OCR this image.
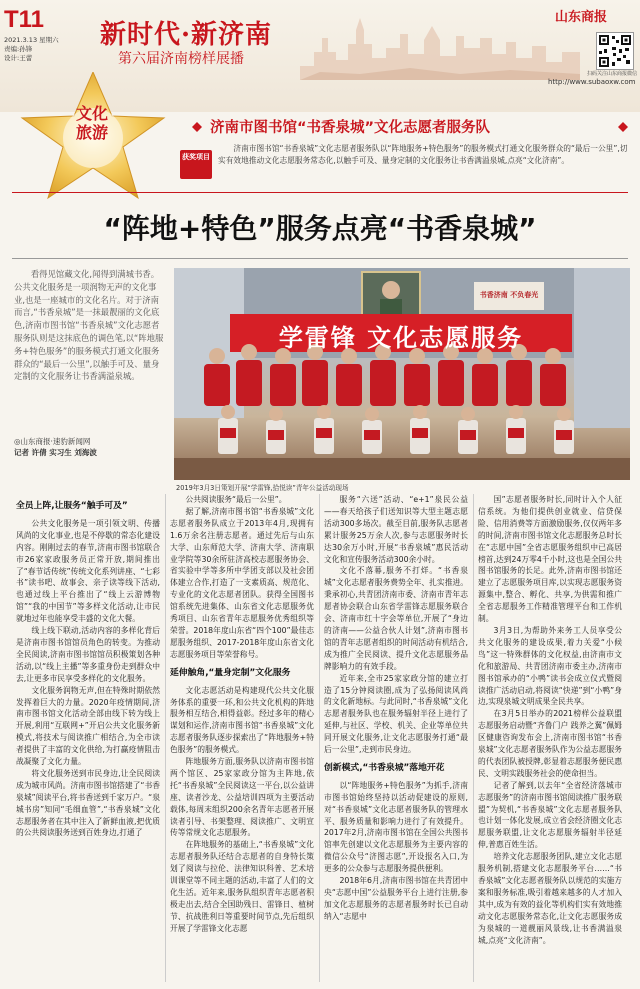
T11
2021.3.13 星期六
责编:孙锋
设计:王蕾
新时代·新济南
第六届济南榜样展播
山东商报
扫码关注山东商报微信
http://www.subaoxw.com
文化
旅游	济南市图书馆“书香泉城”文化志愿者服务队
获奖项目
济南市图书馆“书香泉城”文化志愿者服务队以“阵地服务+特色服务”的服务模式打通文化服务群众的“最后一公里”,切实有效地推动文化志愿服务常态化,以触手可及、量身定制的文化服务让书香满溢泉城,点亮“文化济南”。
“阵地+特色”服务点亮“书香泉城”
看得见馆藏文化,闻得到满城书香。公共文化服务是一项润物无声的文化事业,也是一座城市的文化名片。对于济南而言,“书香泉城”是一抹最靓丽的文化底色,济南市图书馆“书香泉城”文化志愿者服务队则是这抹底色的调色笔,以“阵地服务+特色服务”的服务模式打通文化服务群众的“最后一公里”,以触手可及、量身定制的文化服务让书香满溢泉城。
◎山东商报·速豹新闻网
记者 许倩 实习生 刘海波
学雷锋 文化志愿服务
书香济南 不负春光
2019年3月3日策划开展“学雷锋,拾悦读”青年公益活动现场
全员上阵,让服务“触手可及”

公共文化服务是一项引领文明、传播风尚的文化事业,也是不停歇的常态化建设内容。刚刚过去的春节,济南市图书馆联合市26家家政服务员正常开放,期间推出了“春节话传统”传统文化系列讲座、“七彩书”读书吧、故事会、亲子读等线下活动,也通过线上平台推出了“线上云游博物馆”“我的中国节”等多样文化活动,让市民就地过年也能享受丰盛的文化大餐。

线上线下联动,活动内容的多样化背后是济南市图书馆馆员角色的转变。为推动全民阅读,济南市图书馆馆员积极策划各种活动,以“线上主播”等多重身份走到群众中去,让更多市民享受多样化的文化服务。

文化服务润物无声,但在特殊时期依然发挥着巨大的力量。2020年疫情期间,济南市图书馆文化活动全部由线下转为线上开展,利用“互联网+”开启公共文化服务新模式,将技术与阅读推广相结合,为全市读者提供了丰富的文化供给,为打赢疫情阻击战凝聚了文化力量。

将文化服务送到市民身边,让全民阅读成为城市风尚。济南市图书馆搭建了“书香泉城”阅读平台,将书香送到千家万户。“泉城书房”知同“毛细血管”,“书香泉城”文化志愿服务者在其中注入了新鲜血液,把优质的公共阅读服务送到百姓身边,打通了

公共阅读服务“最后一公里”。

据了解,济南市图书馆“书香泉城”文化志愿者服务队成立于2013年4月,现拥有1.6万余名注册志愿者。通过先后与山东大学、山东师范大学、济南大学、济南职业学院等30余所驻济高校志愿服务协会、省实验中学等多所中学团支部以及社会团体建立合作,打造了一支素质高、规范化、专业化的文化志愿者团队。获得全国图书馆系统先进集体、山东省文化志愿服务优秀项目、山东省青年志愿服务优秀组织等荣誉。2018年度山东省“四个100”最佳志愿服务组织、2017-2018年度山东省文化志愿服务项目等荣誉称号。

延伸触角,“量身定制”文化服务

文化志愿活动是构建现代公共文化服务体系的重要一环,和公共文化机构的阵地服务相互结合,相得益彰。经过多年的精心谋划和运作,济南市图书馆“书香泉城”文化志愿者服务队逐步探索出了“阵地服务+特色服务”的服务模式。

阵地服务方面,服务队以济南市图书馆两个馆区、25家家政分馆为主阵地,依托“书香泉城”全民阅读这一平台,以公益讲座、读者沙龙、公益培训四项为主要活动载体,每周末组织200余名青年志愿者开展读者引导、书架整理、阅读推广、文明宣传等常规文化志愿服务。

在阵地服务的基础上,“书香泉城”文化志愿者服务队还结合志愿者的自身特长策划了阅读与拉伦、法律知识科普、艺术培训课堂等不同主题的活动,丰富了人们的文化生活。近年来,服务队组织青年志愿者积极走出去,结合全国助残日、雷锋日、植树节、抗战胜利日等重要时间节点,先后组织开展了学雷锋文化志愿

服务“六送”活动、“e+1”泉民公益——春天给孩子们送知识等大型主题志愿活动300多场次。截至目前,服务队志愿者累计服务25万余人次,参与志愿服务时长达30余万小时,开展“书香泉城”惠民活动文化和宣传服务活动300余小时。

文化不落幕,服务不打烊。“书香泉城”文化志愿者服务费势全年、扎实推进。秉承初心,共青团济南市委、济南市青年志愿者协会联合山东省学雷锋志愿服务联合会、济南市红十字会等单位,开展了“身边的济南——公益合伙人计划”,济南市图书馆的青年志愿者组织的时间活动有机结合,成为推广全民阅读、提升文化志愿服务品牌影响力的有效手段。

近年来,全市25家家政分馆的建立打造了15分钟阅读圈,成为了弘扬阅读风尚的文化新地标。与此同时,“书香泉城”文化志愿者服务队也在服务辐射半径上进行了延伸,与社区、学校、机关、企业等单位共同开展文化服务,让文化志愿服务打通“最后一公里”,走到市民身边。

创新模式,“书香泉城”落地开花

以“阵地服务+特色服务”为抓手,济南市图书馆始终坚持以活动促建设的原则,对“书香泉城”文化志愿者服务队的管理水平、服务质量和影响力进行了有效提升。2017年2月,济南市图书馆在全国公共图书馆率先创建以文化志愿服务为主要内容的微信公众号“济图志愿”,开设报名入口,为更多的公众参与志愿服务提供便利。

2018年6月,济南市图书馆在共青团中央“志愿中国”公益服务平台上进行注册,参加文化志愿服务的志愿者服务时长已自动纳入“志愿中

国”志愿者服务时长,同时计入个人征信系统。为他们提供创业就业、信贷保险、信用消费等方面激励服务,仅仅两年多的时间,济南市图书馆文化志愿服务总时长在“志愿中国”全省志愿服务组织中已高居榜首,达到24万零4千小时,这也是全国公共图书馆服务的长足。此外,济南市图书馆还建立了志愿服务项目库,以实现志愿服务资源集中,整合、孵化、共享,为供需和推广全省志愿服务工作精准管理平台和工作机制。

3月3日,为帮助外来务工人员享受公共文化服务的建设成果,着力关爱“小候鸟”这一特殊群体的文化权益,由济南市文化和旅游局、共青团济南市委主办,济南市图书馆承办的“小鸭”读书会成立仪式暨阅读推广活动启动,将阅读“快递”到“小鸭”身边,实现泉城文明成果全民共享。

在3月5日举办的2021榜样公益联盟志愿服务启动暨“齐鲁门户 践养之翼”佩姆区健康咨询发布会上,济南市图书馆“书香泉城”文化志愿者服务队作为公益志愿服务的代表团队被授牌,彰显着志愿服务便民惠民、文明实践服务社会的使命担当。

记者了解到,以去年“全省经济落城市志愿服务”的济南市图书馆阅读推广服务联盟”为契机,“书香泉城”文化志愿者服务队也计划一体化发展,成立省会经济圈文化志愿服务联盟,让文化志愿服务辐射半径延伸,普惠百姓生活。

培养文化志愿服务团队,建立文化志愿服务机制,搭建文化志愿服务平台……“书香泉城”文化志愿者服务队以规范的实施方案和服务标准,吸引着越来越多的人才加入其中,成为有效的益化等机构们实有效地推动文化志愿服务常态化,让文化志愿服务成为泉城的一道靓丽风景线,让书香满溢泉城,点亮“文化济南”。
